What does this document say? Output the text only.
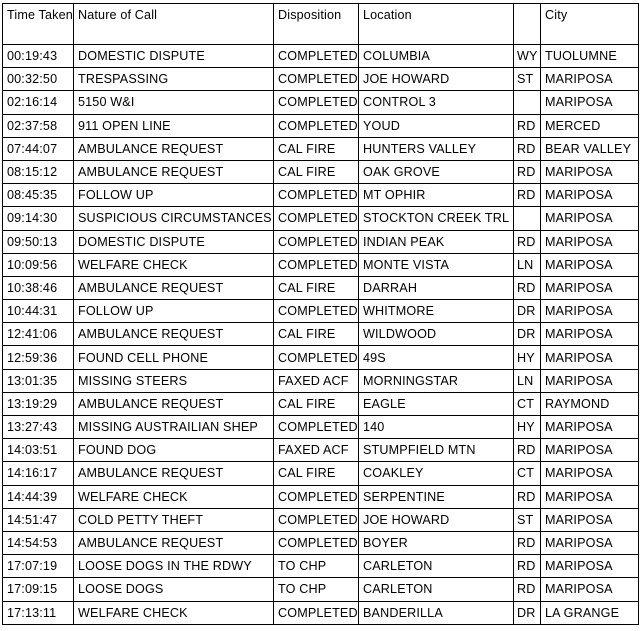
Time Taken	Nature of Call	Disposition	Location		City
00:19:43	DOMESTIC DISPUTE	COMPLETED	COLUMBIA	WY	TUOLUMNE
00:32:50	TRESPASSING	COMPLETED	JOE HOWARD	ST	MARIPOSA
02:16:14	5150 W&I	COMPLETED	CONTROL 3		MARIPOSA
02:37:58	911 OPEN LINE	COMPLETED	YOUD	RD	MERCED
07:44:07	AMBULANCE REQUEST	CAL FIRE	HUNTERS VALLEY	RD	BEAR VALLEY
08:15:12	AMBULANCE REQUEST	CAL FIRE	OAK GROVE	RD	MARIPOSA
08:45:35	FOLLOW UP	COMPLETED	MT OPHIR	RD	MARIPOSA
09:14:30	SUSPICIOUS CIRCUMSTANCES	COMPLETED	STOCKTON CREEK TRL		MARIPOSA
09:50:13	DOMESTIC DISPUTE	COMPLETED	INDIAN PEAK	RD	MARIPOSA
10:09:56	WELFARE CHECK	COMPLETED	MONTE VISTA	LN	MARIPOSA
10:38:46	AMBULANCE REQUEST	CAL FIRE	DARRAH	RD	MARIPOSA
10:44:31	FOLLOW UP	COMPLETED	WHITMORE	DR	MARIPOSA
12:41:06	AMBULANCE REQUEST	CAL FIRE	WILDWOOD	DR	MARIPOSA
12:59:36	FOUND CELL PHONE	COMPLETED	49S	HY	MARIPOSA
13:01:35	MISSING STEERS	FAXED ACF	MORNINGSTAR	LN	MARIPOSA
13:19:29	AMBULANCE REQUEST	CAL FIRE	EAGLE	CT	RAYMOND
13:27:43	MISSING AUSTRAILIAN SHEP	COMPLETED	140	HY	MARIPOSA
14:03:51	FOUND DOG	FAXED ACF	STUMPFIELD MTN	RD	MARIPOSA
14:16:17	AMBULANCE REQUEST	CAL FIRE	COAKLEY	CT	MARIPOSA
14:44:39	WELFARE CHECK	COMPLETED	SERPENTINE	RD	MARIPOSA
14:51:47	COLD PETTY THEFT	COMPLETED	JOE HOWARD	ST	MARIPOSA
14:54:53	AMBULANCE REQUEST	COMPLETED	BOYER	RD	MARIPOSA
17:07:19	LOOSE DOGS IN THE RDWY	TO CHP	CARLETON	RD	MARIPOSA
17:09:15	LOOSE DOGS	TO CHP	CARLETON	RD	MARIPOSA
17:13:11	WELFARE CHECK	COMPLETED	BANDERILLA	DR	LA GRANGE
